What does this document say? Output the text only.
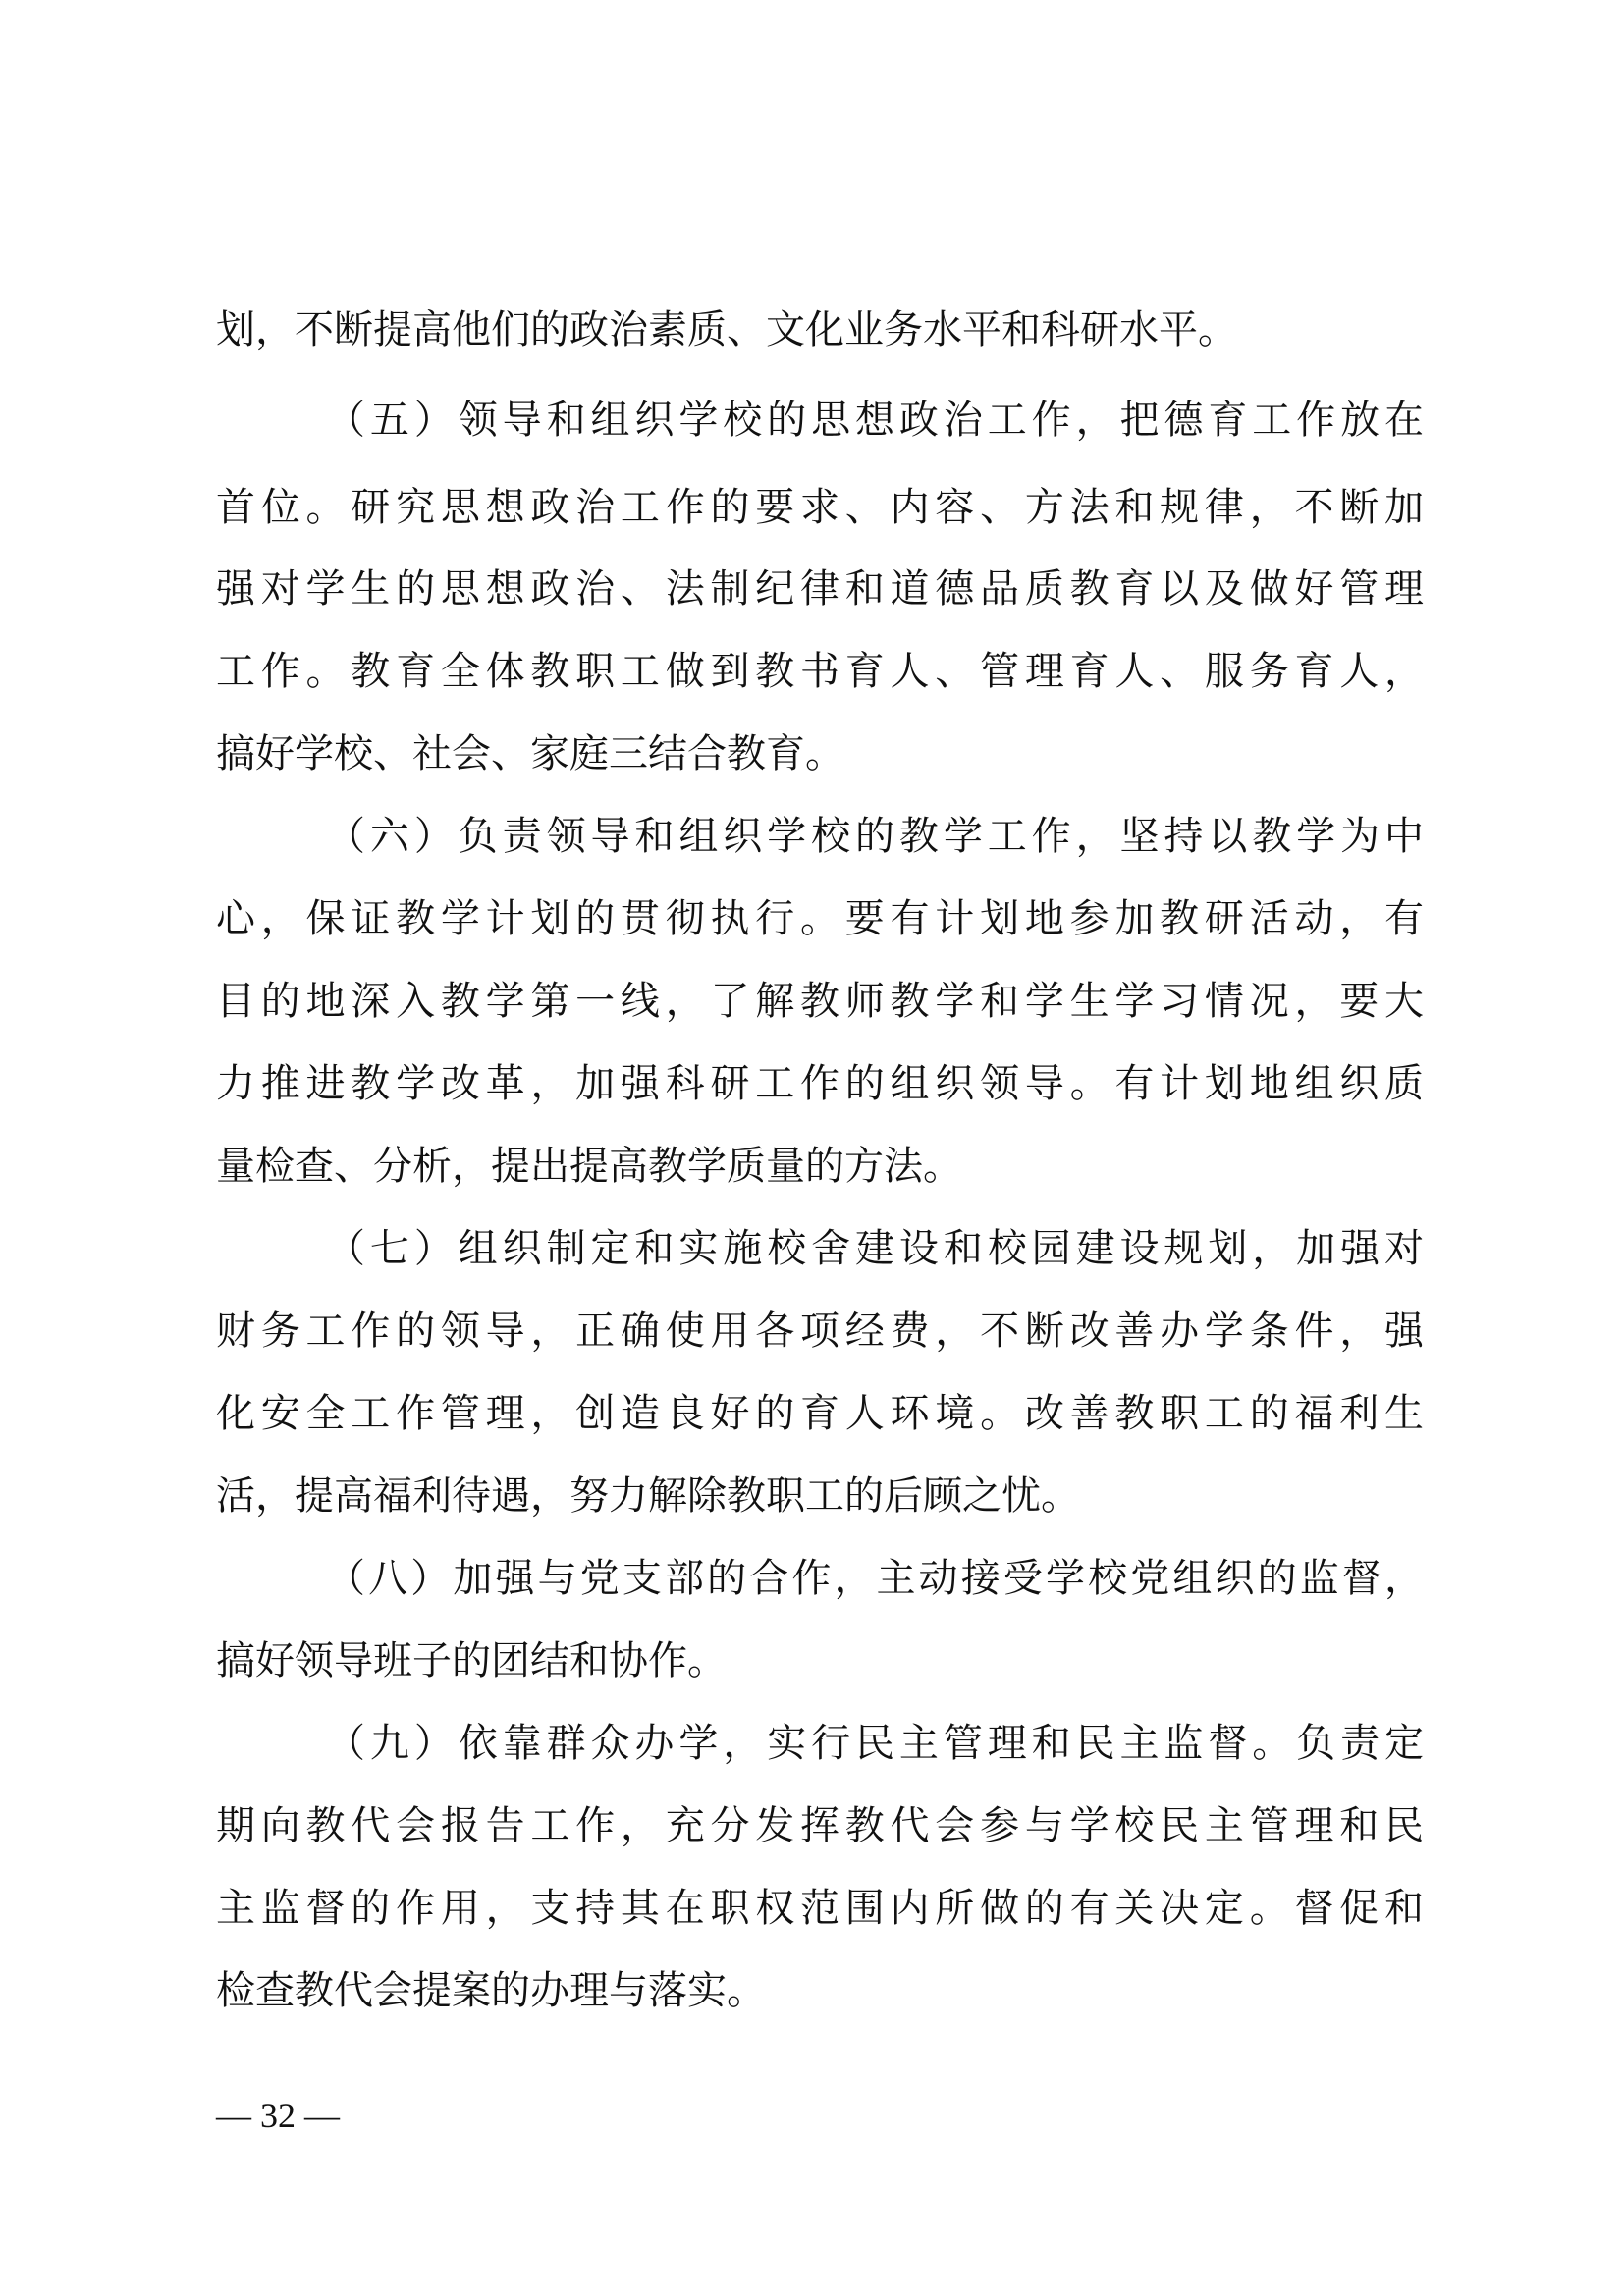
划，不断提高他们的政治素质、文化业务水平和科研水平。
（五）领导和组织学校的思想政治工作，把德育工作放在
首位。研究思想政治工作的要求、内容、方法和规律，不断加
强对学生的思想政治、法制纪律和道德品质教育以及做好管理
工作。教育全体教职工做到教书育人、管理育人、服务育人，
搞好学校、社会、家庭三结合教育。
（六）负责领导和组织学校的教学工作，坚持以教学为中
心，保证教学计划的贯彻执行。要有计划地参加教研活动，有
目的地深入教学第一线，了解教师教学和学生学习情况，要大
力推进教学改革，加强科研工作的组织领导。有计划地组织质
量检查、分析，提出提高教学质量的方法。
（七）组织制定和实施校舍建设和校园建设规划，加强对
财务工作的领导，正确使用各项经费，不断改善办学条件，强
化安全工作管理，创造良好的育人环境。改善教职工的福利生
活，提高福利待遇，努力解除教职工的后顾之忧。
（八）加强与党支部的合作，主动接受学校党组织的监督，
搞好领导班子的团结和协作。
（九）依靠群众办学，实行民主管理和民主监督。负责定
期向教代会报告工作，充分发挥教代会参与学校民主管理和民
主监督的作用，支持其在职权范围内所做的有关决定。督促和
检查教代会提案的办理与落实。
— 32 —
